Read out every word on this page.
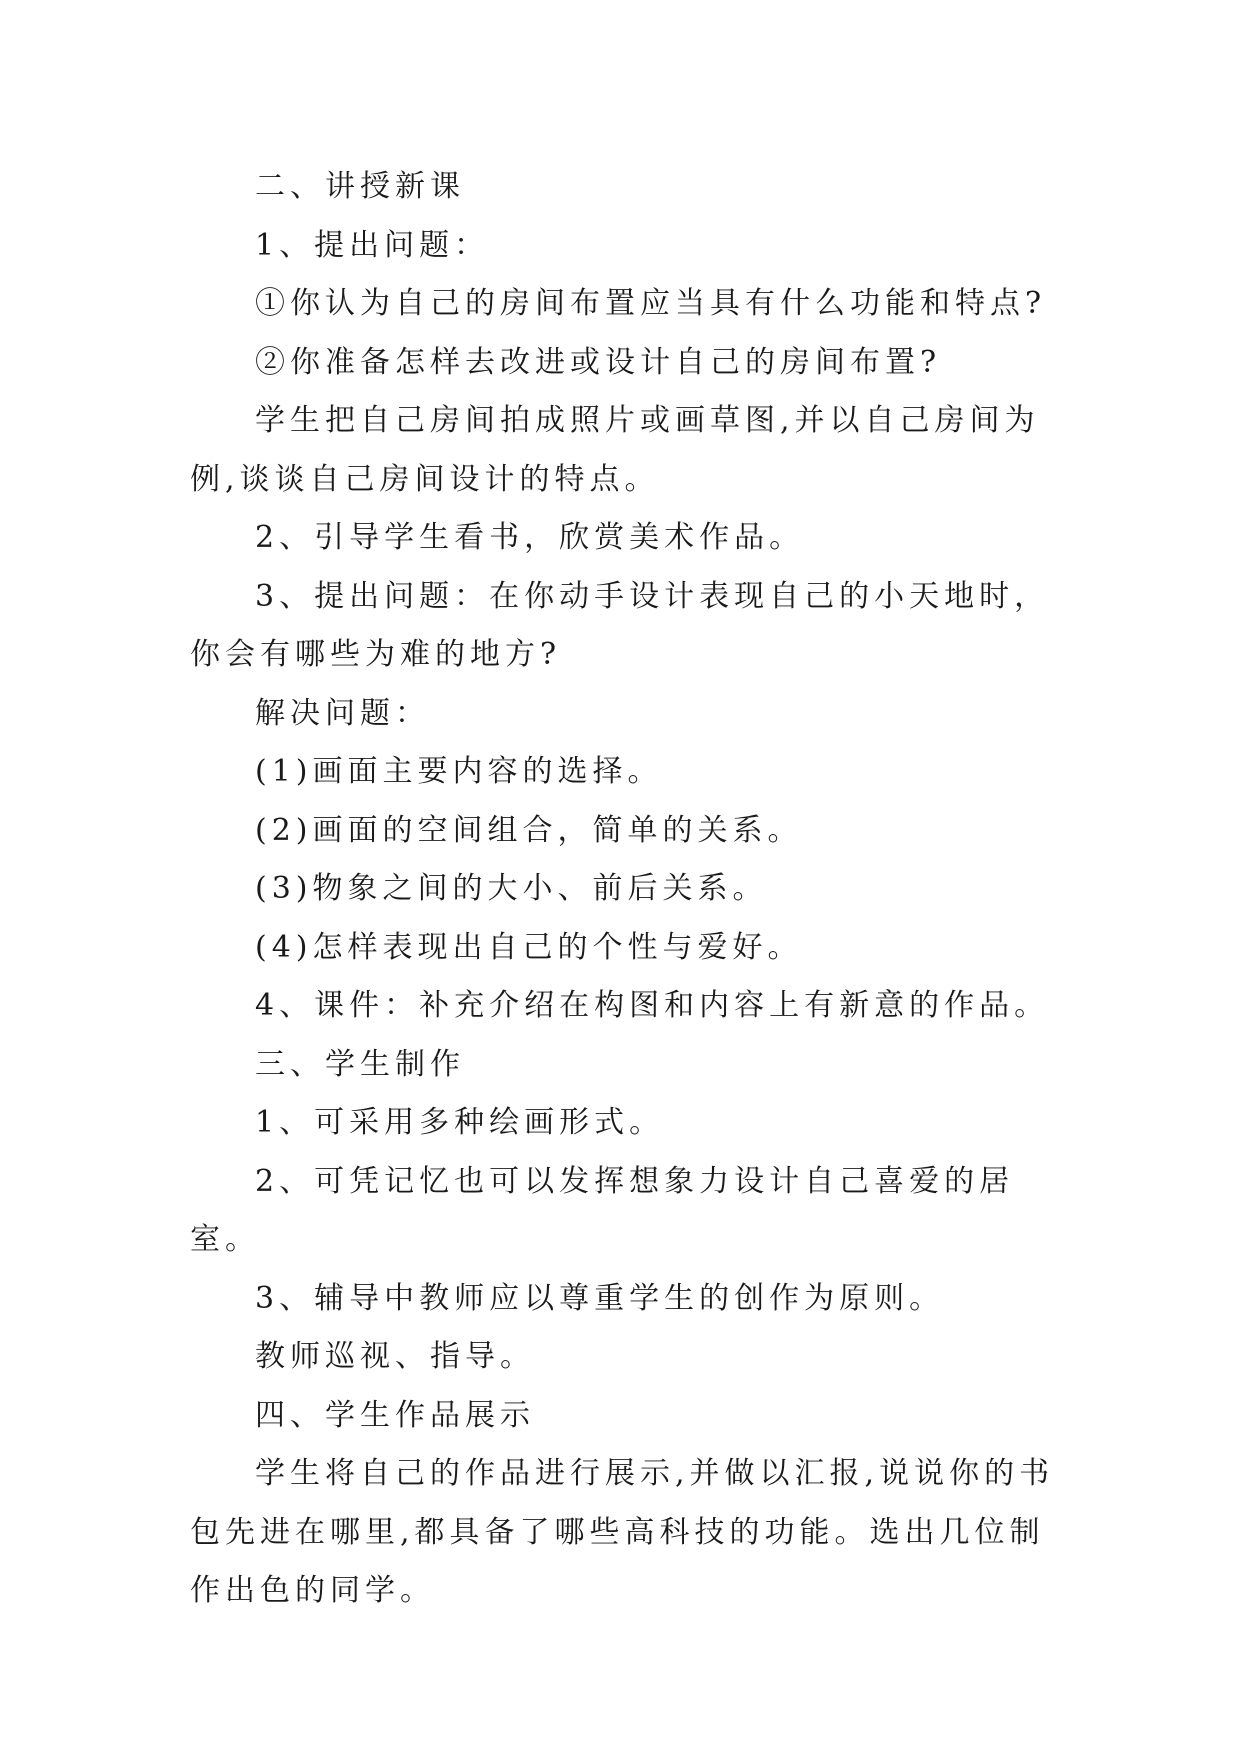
二、讲授新课

1、提出问题：

①你认为自己的房间布置应当具有什么功能和特点?

②你准备怎样去改进或设计自己的房间布置?

学生把自己房间拍成照片或画草图,并以自己房间为例,谈谈自己房间设计的特点。

2、引导学生看书，欣赏美术作品。

3、提出问题：在你动手设计表现自己的小天地时，你会有哪些为难的地方?

解决问题：

(1)画面主要内容的选择。

(2)画面的空间组合，简单的关系。

(3)物象之间的大小、前后关系。

(4)怎样表现出自己的个性与爱好。

4、课件：补充介绍在构图和内容上有新意的作品。

三、学生制作

1、可采用多种绘画形式。

2、可凭记忆也可以发挥想象力设计自己喜爱的居室。

3、辅导中教师应以尊重学生的创作为原则。

教师巡视、指导。

四、学生作品展示

学生将自己的作品进行展示,并做以汇报,说说你的书包先进在哪里,都具备了哪些高科技的功能。选出几位制作出色的同学。
